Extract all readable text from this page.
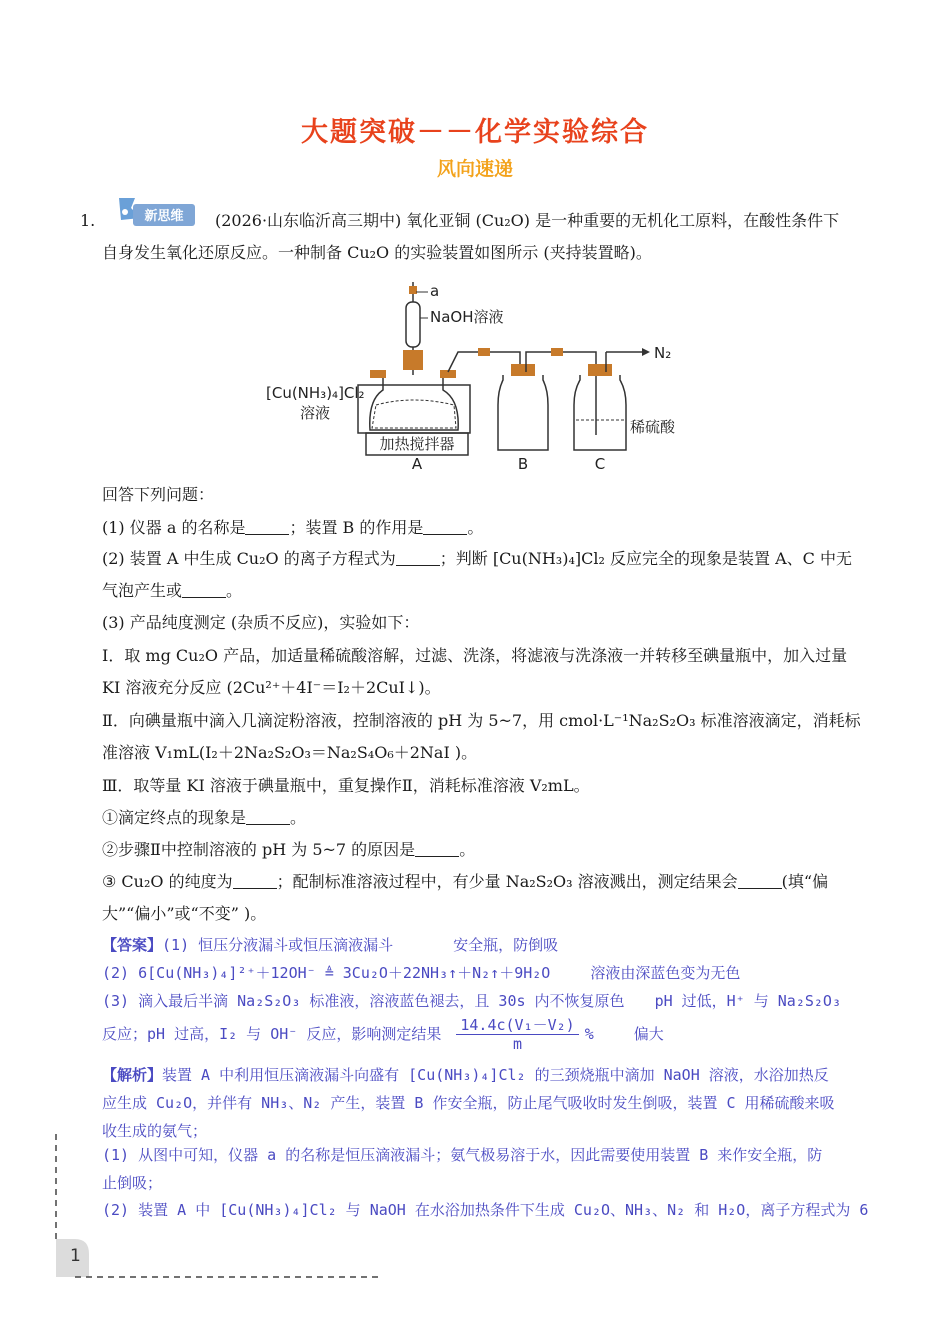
大题突破－－化学实验综合
风向速递
1.	新思维 (2026·山东临沂高三期中) 氧化亚铜 (Cu₂O) 是一种重要的无机化工原料，在酸性条件下
自身发生氧化还原反应。一种制备 Cu₂O 的实验装置如图所示 (夹持装置略)。
a
NaOH溶液
加热搅拌器
[Cu(NH₃)₄]Cl₂
溶液
A	B
N₂
稀硫酸
C
回答下列问题：
(1) 仪器 a 的名称是	；装置 B 的作用是	。
(2) 装置 A 中生成 Cu₂O 的离子方程式为	；判断 [Cu(NH₃)₄]Cl₂ 反应完全的现象是装置 A、C 中无
气泡产生或	。
(3) 产品纯度测定 (杂质不反应)，实验如下：
Ⅰ．取 mg Cu₂O 产品，加适量稀硫酸溶解，过滤、洗涤，将滤液与洗涤液一并转移至碘量瓶中，加入过量
KI 溶液充分反应 (2Cu²⁺＋4I⁻＝I₂＋2CuI↓)。
Ⅱ．向碘量瓶中滴入几滴淀粉溶液，控制溶液的 pH 为 5~7，用 cmol·L⁻¹Na₂S₂O₃ 标准溶液滴定，消耗标
准溶液 V₁mL(I₂＋2Na₂S₂O₃＝Na₂S₄O₆＋2NaI )。
Ⅲ．取等量 KI 溶液于碘量瓶中，重复操作Ⅱ，消耗标准溶液 V₂mL。
①滴定终点的现象是	。
②步骤Ⅱ中控制溶液的 pH 为 5~7 的原因是	。
③ Cu₂O 的纯度为	；配制标准溶液过程中，有少量 Na₂S₂O₃ 溶液溅出，测定结果会	(填“偏
大”“偏小”或“不变” )。
【答案】(1) 恒压分液漏斗或恒压滴液漏斗	安全瓶，防倒吸
(2) 6[Cu(NH₃)₄]²⁺＋12OH⁻ ≜ 3Cu₂O＋22NH₃↑＋N₂↑＋9H₂O	溶液由深蓝色变为无色
(3) 滴入最后半滴 Na₂S₂O₃ 标准液，溶液蓝色褪去，且 30s 内不恢复原色 pH 过低，H⁺ 与 Na₂S₂O₃
反应；pH 过高，I₂ 与 OH⁻ 反应，影响测定结果 $\frac{\text{14.4c(V₁－V₂)}}{m}$ %	偏大
【解析】装置 A 中利用恒压滴液漏斗向盛有 [Cu(NH₃)₄]Cl₂ 的三颈烧瓶中滴加 NaOH 溶液，水浴加热反
应生成 Cu₂O，并伴有 NH₃、N₂ 产生，装置 B 作安全瓶，防止尾气吸收时发生倒吸，装置 C 用稀硫酸来吸
收生成的氨气；
(1) 从图中可知，仪器 a 的名称是恒压滴液漏斗；氨气极易溶于水，因此需要使用装置 B 来作安全瓶，防
止倒吸；
(2) 装置 A 中 [Cu(NH₃)₄]Cl₂ 与 NaOH 在水浴加热条件下生成 Cu₂O、NH₃、N₂ 和 H₂O，离子方程式为 6
1
